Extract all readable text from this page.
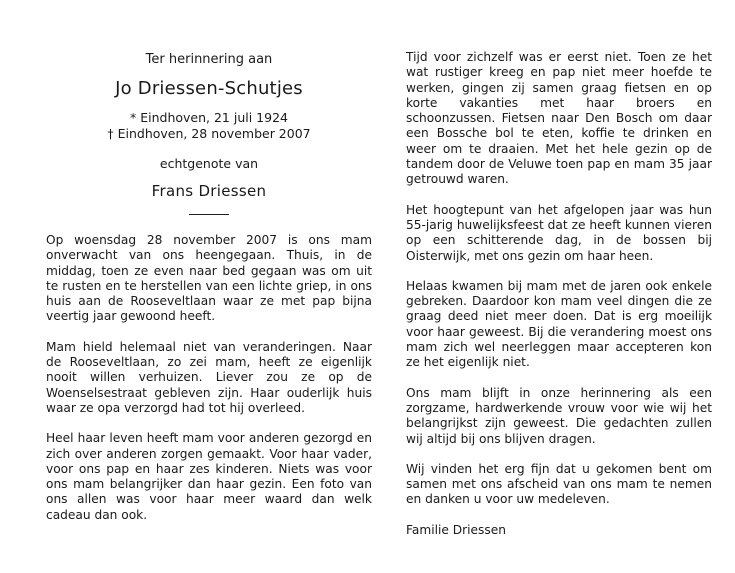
Ter herinnering aan

Jo Driessen-Schutjes

* Eindhoven, 21 juli 1924

† Eindhoven, 28 november 2007

echtgenote van

Frans Driessen

Op woensdag 28 november 2007 is ons mam onverwacht van ons heengegaan. Thuis, in de middag, toen ze even naar bed gegaan was om uit te rusten en te herstellen van een lichte griep, in ons huis aan de Rooseveltlaan waar ze met pap bijna veertig jaar gewoond heeft.

Mam hield helemaal niet van veranderingen. Naar de Rooseveltlaan, zo zei mam, heeft ze eigenlijk nooit willen verhuizen. Liever zou ze op de Woenselsestraat gebleven zijn. Haar ouderlijk huis waar ze opa verzorgd had tot hij overleed.

Heel haar leven heeft mam voor anderen gezorgd en zich over anderen zorgen gemaakt. Voor haar vader, voor ons pap en haar zes kinderen. Niets was voor ons mam belangrijker dan haar gezin. Een foto van ons allen was voor haar meer waard dan welk cadeau dan ook.

Tijd voor zichzelf was er eerst niet. Toen ze het wat rustiger kreeg en pap niet meer hoefde te werken, gingen zij samen graag fietsen en op korte vakanties met haar broers en schoonzussen. Fietsen naar Den Bosch om daar een Bossche bol te eten, koffie te drinken en weer om te draaien. Met het hele gezin op de tandem door de Veluwe toen pap en mam 35 jaar getrouwd waren.

Het hoogtepunt van het afgelopen jaar was hun 55-jarig huwelijksfeest dat ze heeft kunnen vieren op een schitterende dag, in de bossen bij Oisterwijk, met ons gezin om haar heen.

Helaas kwamen bij mam met de jaren ook enkele gebreken. Daardoor kon mam veel dingen die ze graag deed niet meer doen. Dat is erg moeilijk voor haar geweest. Bij die verandering moest ons mam zich wel neerleggen maar accepteren kon ze het eigenlijk niet.

Ons mam blijft in onze herinnering als een zorgzame, hardwerkende vrouw voor wie wij het belangrijkst zijn geweest. Die gedachten zullen wij altijd bij ons blijven dragen.

Wij vinden het erg fijn dat u gekomen bent om samen met ons afscheid van ons mam te nemen en danken u voor uw medeleven.

Familie Driessen
